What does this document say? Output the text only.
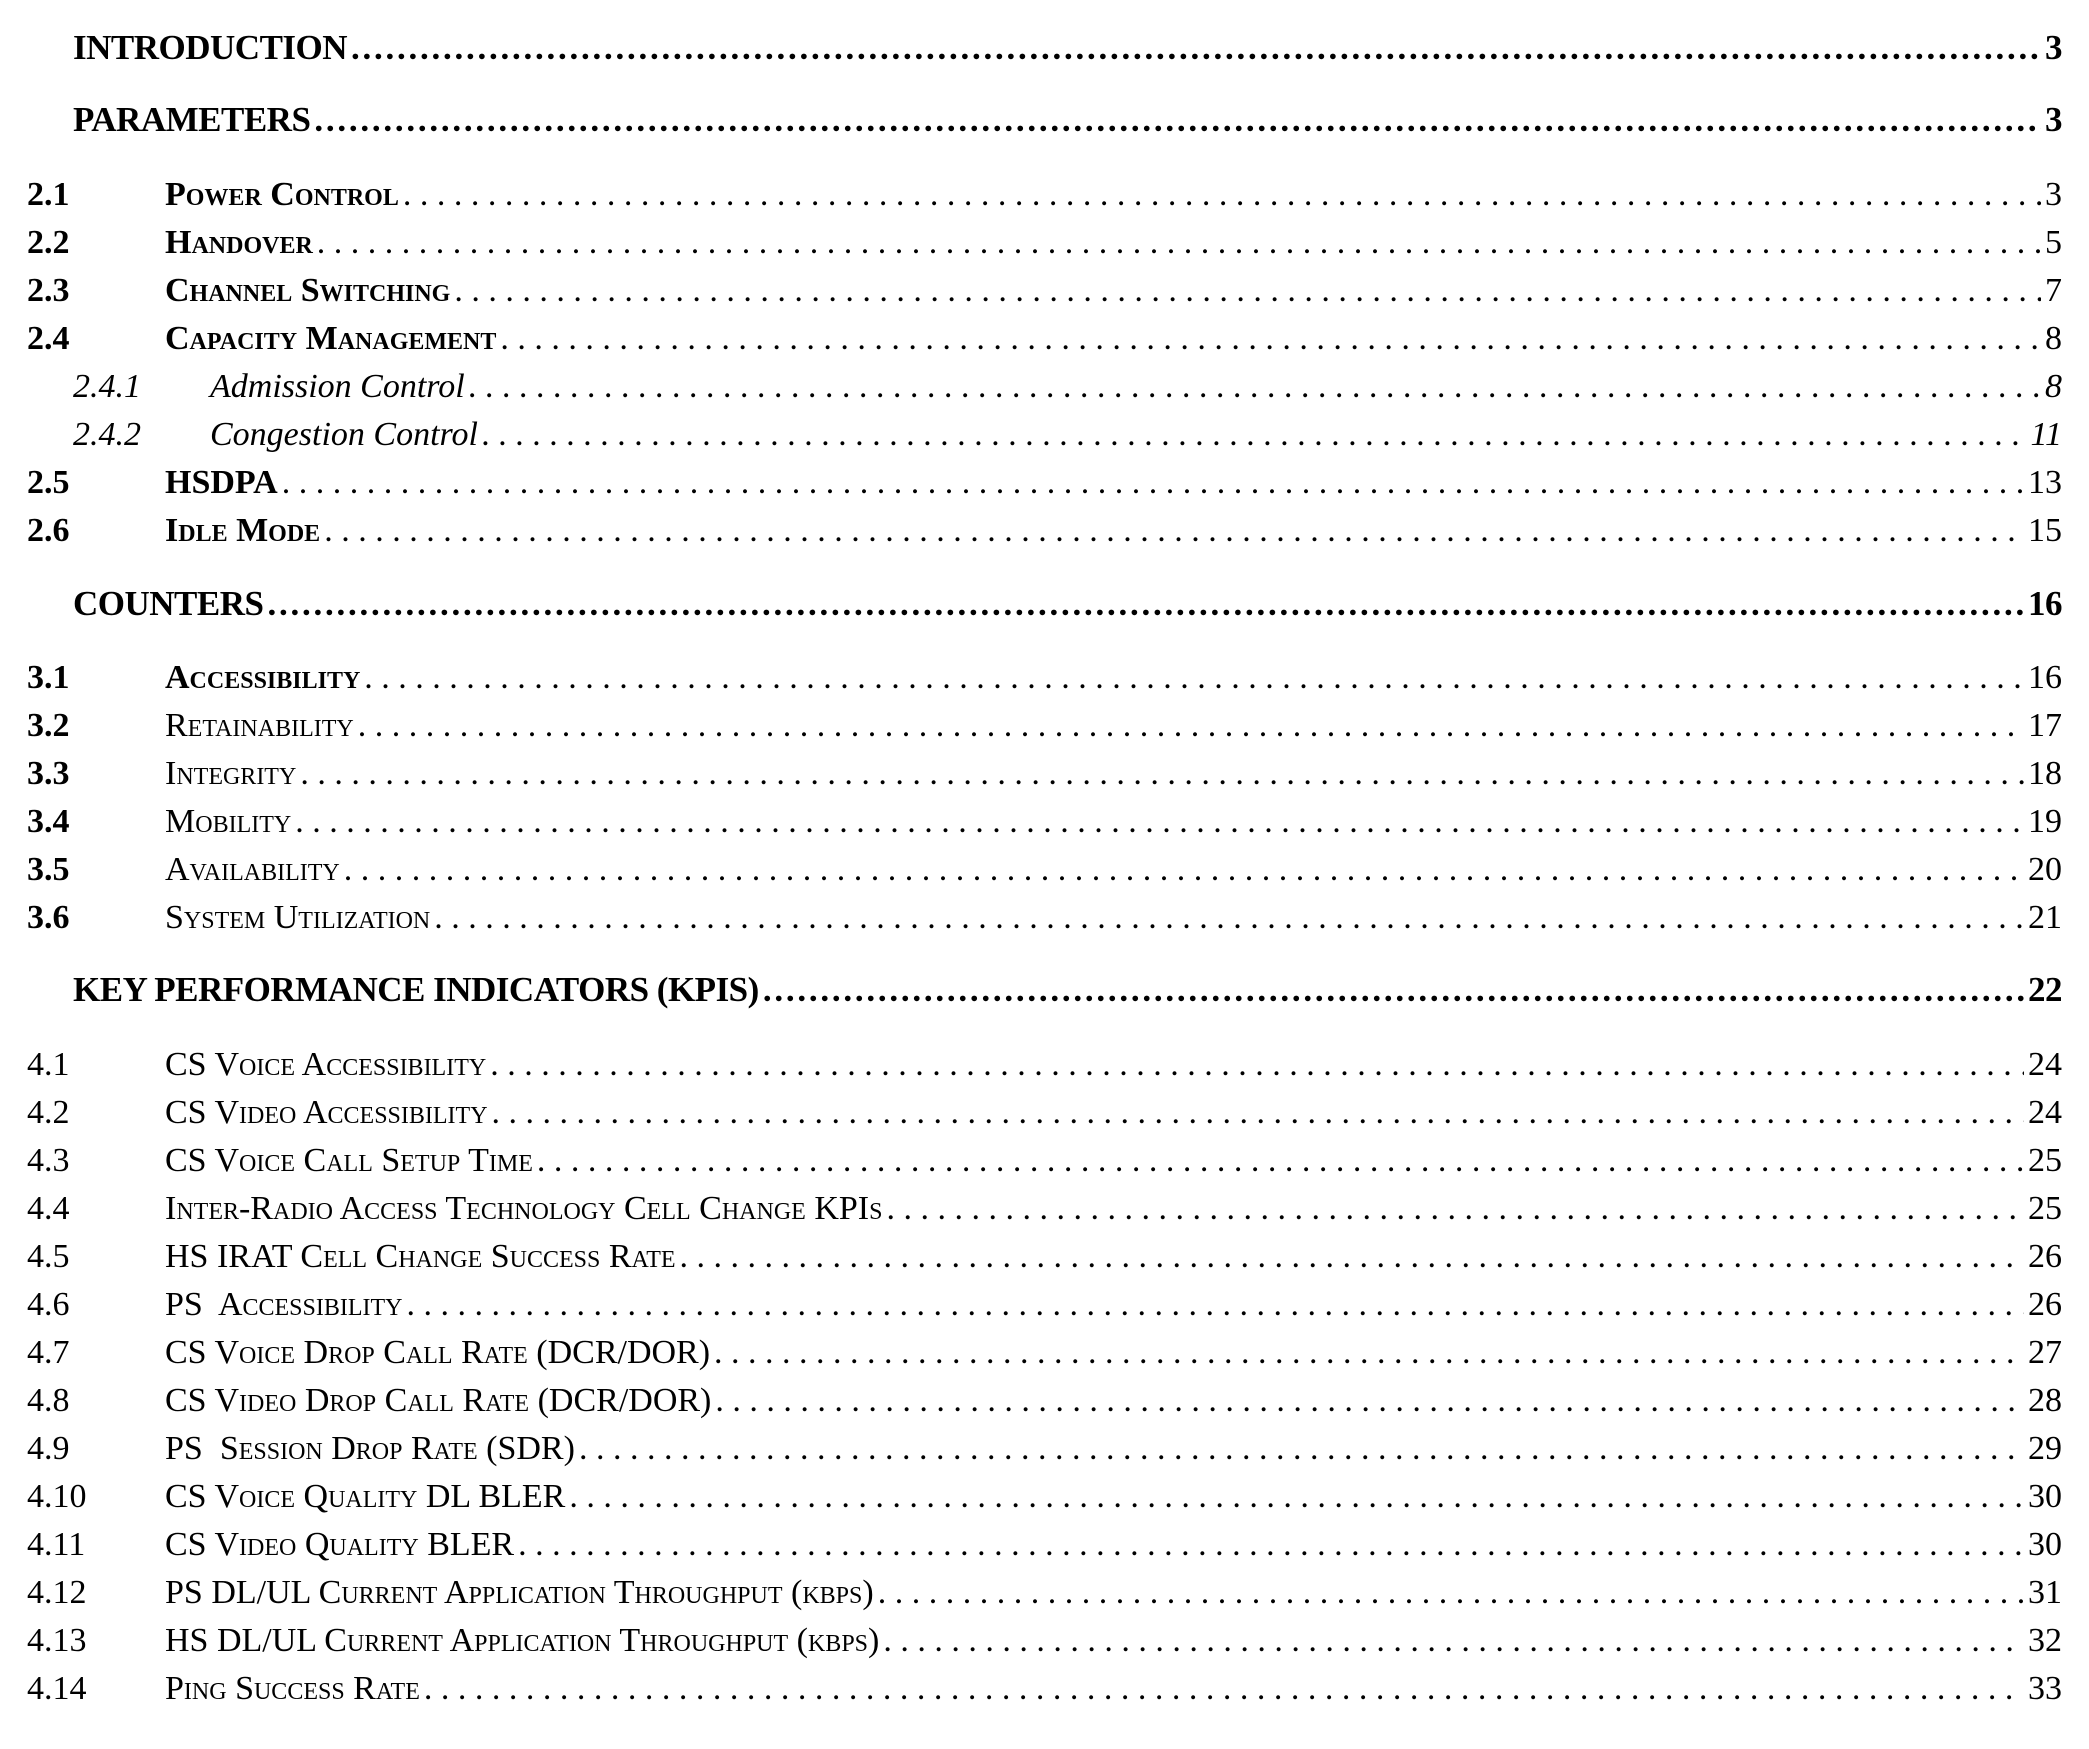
INTRODUCTION . . .	3
PARAMETERS . . .	3
2.1	Power Control . . .	3
2.2	Handover . . .	5
2.3	Channel Switching . . .	7
2.4	Capacity Management . . .	8
2.4.1	Admission Control . . .	8
2.4.2	Congestion Control . . .	11
2.5	HSDPA . . .	13
2.6	Idle Mode . . .	15
COUNTERS . . .	16
3.1	Accessibility . . .	16
3.2	Retainability . . .	17
3.3	Integrity . . .	18
3.4	Mobility . . .	19
3.5	Availability . . .	20
3.6	System Utilization . . .	21
KEY PERFORMANCE INDICATORS (KPIS) . . .	22
4.1	CS Voice Accessibility . . .	24
4.2	CS Video Accessibility . . .	24
4.3	CS Voice Call Setup Time . . .	25
4.4	Inter-Radio Access Technology Cell Change KPIs . . .	25
4.5	HS IRAT Cell Change Success Rate . . .	26
4.6	PS  Accessibility . . .	26
4.7	CS Voice Drop Call Rate (DCR/DOR) . . .	27
4.8	CS Video Drop Call Rate (DCR/DOR) . . .	28
4.9	PS  Session Drop Rate (SDR) . . .	29
4.10	CS Voice Quality DL BLER . . .	30
4.11	CS Video Quality BLER . . .	30
4.12	PS DL/UL Current Application Throughput (kbps) . . .	31
4.13	HS DL/UL Current Application Throughput (kbps) . . .	32
4.14	Ping Success Rate . . .	33
